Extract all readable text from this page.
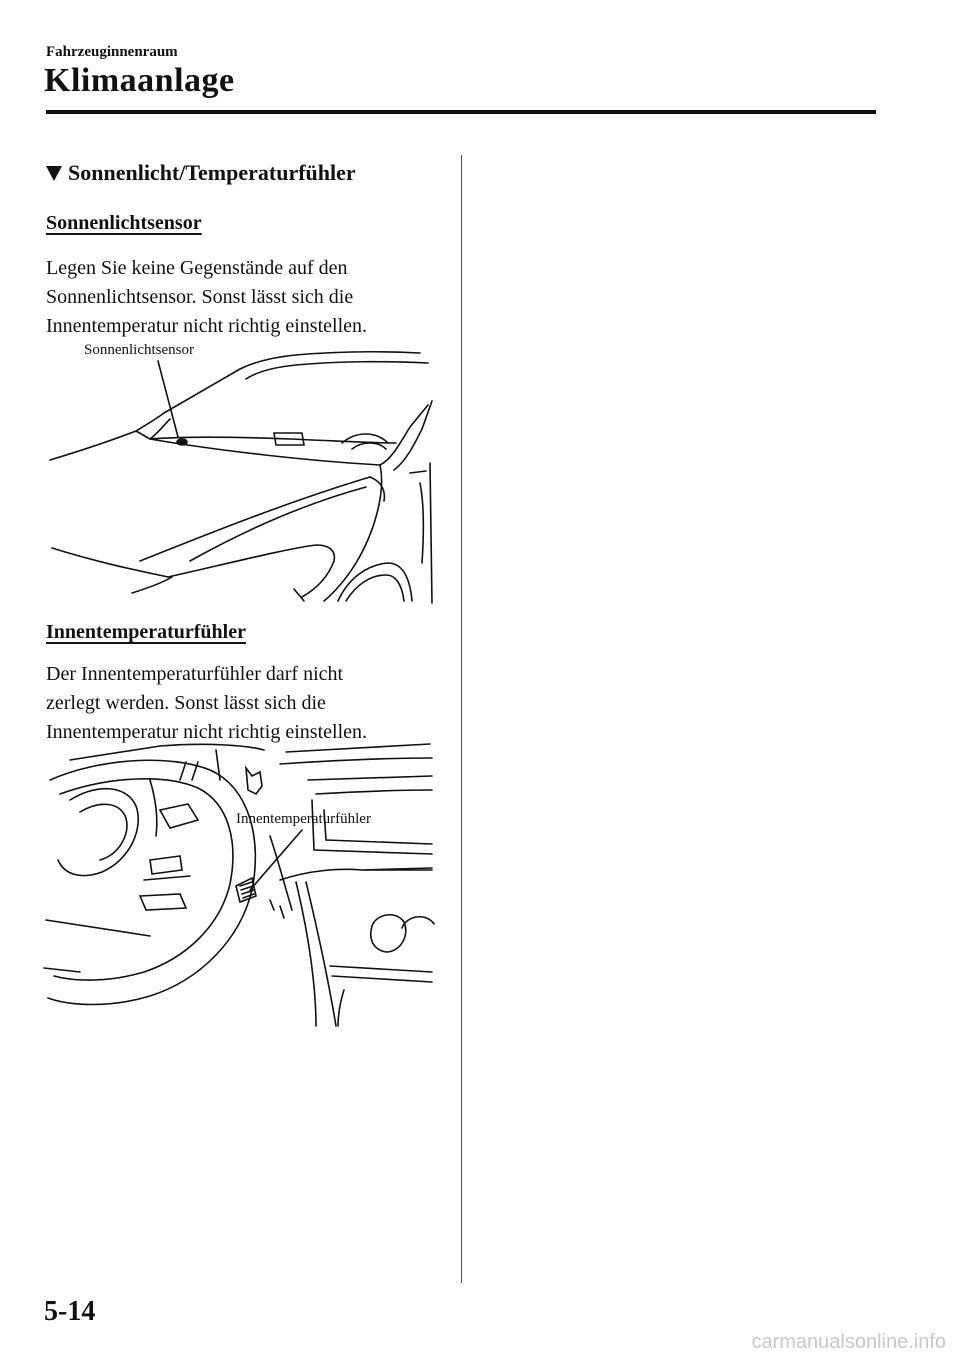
Fahrzeuginnenraum
Klimaanlage
Sonnenlicht/Temperaturfühler
Sonnenlichtsensor
Legen Sie keine Gegenstände auf den
Sonnenlichtsensor. Sonst lässt sich die
Innentemperatur nicht richtig einstellen.
Sonnenlichtsensor
Innentemperaturfühler
Der Innentemperaturfühler darf nicht
zerlegt werden. Sonst lässt sich die
Innentemperatur nicht richtig einstellen.
Innentemperaturfühler
5-14
carmanualsonline.info
